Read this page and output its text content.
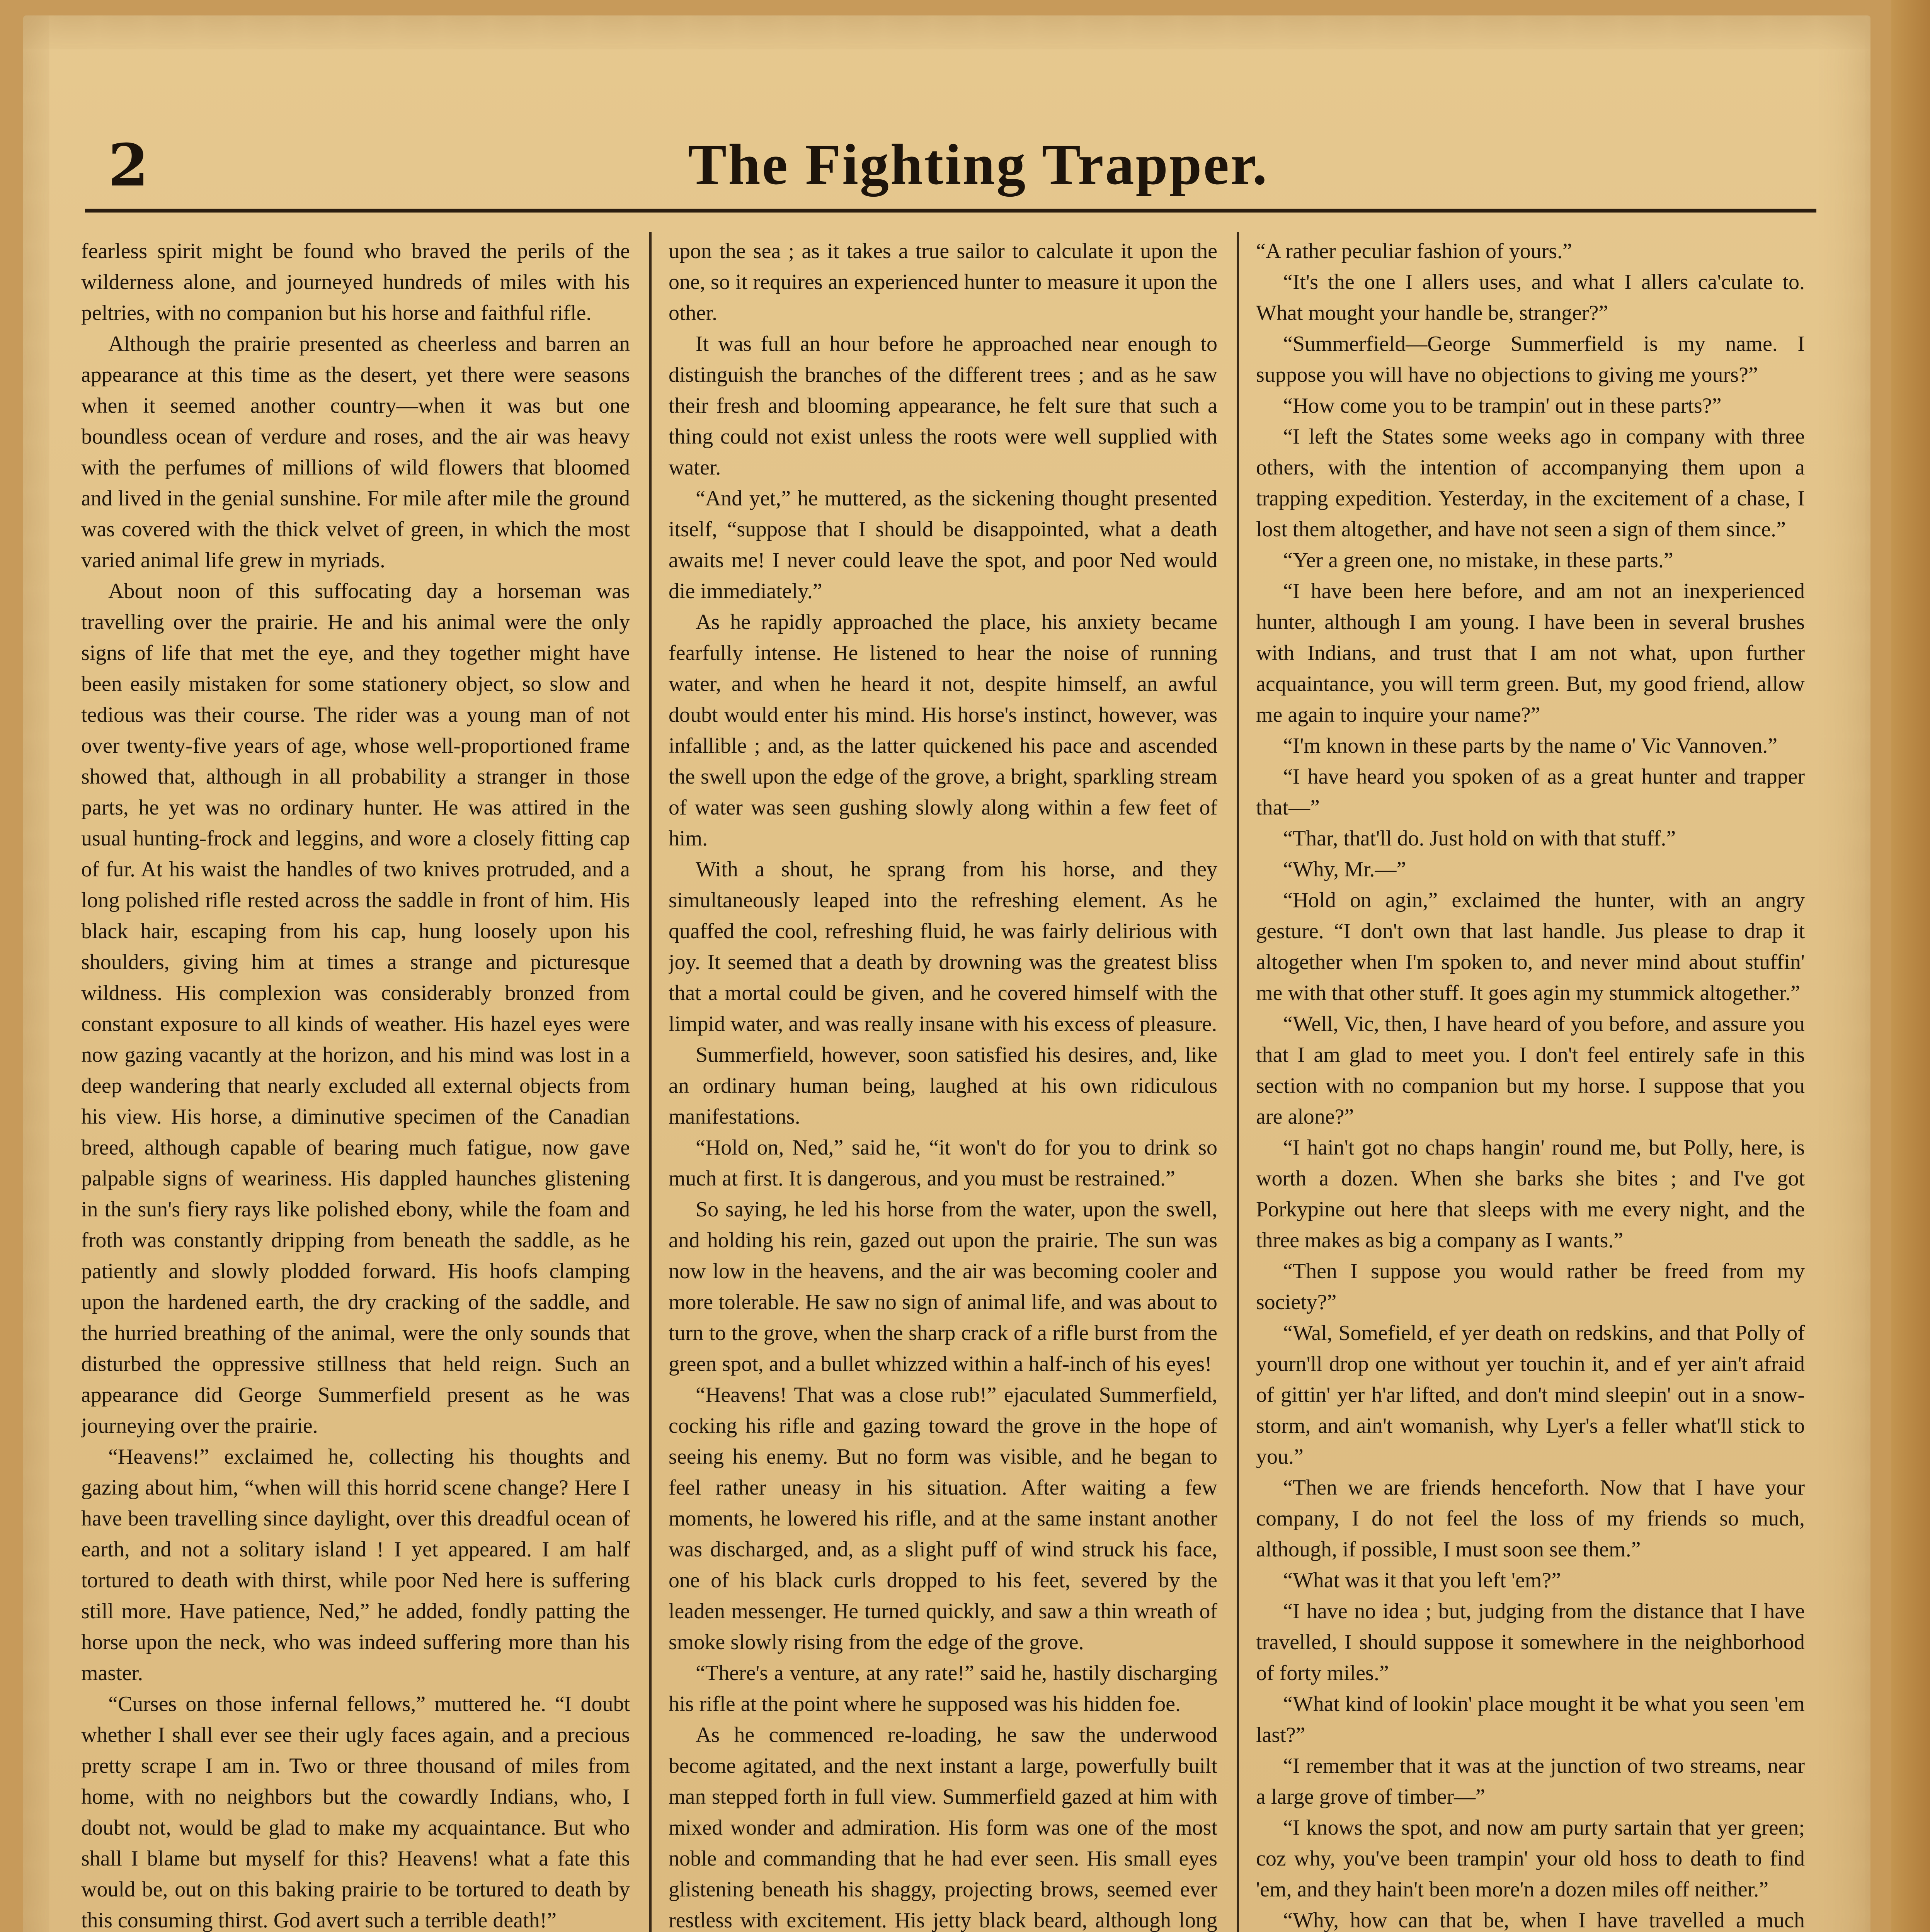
2	The Fighting Trapper.

fearless spirit might be found who braved the perils of the wilderness alone, and journeyed hundreds of miles with his peltries, with no companion but his horse and faithful rifle.

Although the prairie presented as cheerless and barren an appearance at this time as the desert, yet there were seasons when it seemed another country—when it was but one boundless ocean of verdure and roses, and the air was heavy with the perfumes of millions of wild flowers that bloomed and lived in the genial sunshine. For mile after mile the ground was covered with the thick velvet of green, in which the most varied animal life grew in myriads.

About noon of this suffocating day a horseman was travelling over the prairie. He and his animal were the only signs of life that met the eye, and they together might have been easily mistaken for some stationery object, so slow and tedious was their course. The rider was a young man of not over twenty-five years of age, whose well-proportioned frame showed that, although in all probability a stranger in those parts, he yet was no ordinary hunter. He was attired in the usual hunting-frock and leggins, and wore a closely fitting cap of fur. At his waist the handles of two knives protruded, and a long polished rifle rested across the saddle in front of him. His black hair, escaping from his cap, hung loosely upon his shoulders, giving him at times a strange and picturesque wildness. His complexion was considerably bronzed from constant exposure to all kinds of weather. His hazel eyes were now gazing vacantly at the horizon, and his mind was lost in a deep wandering that nearly excluded all external objects from his view. His horse, a diminutive specimen of the Canadian breed, although capable of bearing much fatigue, now gave palpable signs of weariness. His dappled haunches glistening in the sun's fiery rays like polished ebony, while the foam and froth was constantly dripping from beneath the saddle, as he patiently and slowly plodded forward. His hoofs clamping upon the hardened earth, the dry cracking of the saddle, and the hurried breathing of the animal, were the only sounds that disturbed the oppressive stillness that held reign. Such an appearance did George Summerfield present as he was journeying over the prairie.

“Heavens!” exclaimed he, collecting his thoughts and gazing about him, “when will this horrid scene change? Here I have been travelling since daylight, over this dreadful ocean of earth, and not a solitary island ! I yet appeared. I am half tortured to death with thirst, while poor Ned here is suffering still more. Have patience, Ned,” he added, fondly patting the horse upon the neck, who was indeed suffering more than his master.

“Curses on those infernal fellows,” muttered he. “I doubt whether I shall ever see their ugly faces again, and a precious pretty scrape I am in. Two or three thousand of miles from home, with no neighbors but the cowardly Indians, who, I doubt not, would be glad to make my acquaintance. But who shall I blame but myself for this? Heavens! what a fate this would be, out on this baking prairie to be tortured to death by this consuming thirst. God avert such a terrible death!”

upon the sea ; as it takes a true sailor to calculate it upon the one, so it requires an experienced hunter to measure it upon the other.

It was full an hour before he approached near enough to distinguish the branches of the different trees ; and as he saw their fresh and blooming appearance, he felt sure that such a thing could not exist unless the roots were well supplied with water.

“And yet,” he muttered, as the sickening thought presented itself, “suppose that I should be disappointed, what a death awaits me! I never could leave the spot, and poor Ned would die immediately.”

As he rapidly approached the place, his anxiety became fearfully intense. He listened to hear the noise of running water, and when he heard it not, despite himself, an awful doubt would enter his mind. His horse's instinct, however, was infallible ; and, as the latter quickened his pace and ascended the swell upon the edge of the grove, a bright, sparkling stream of water was seen gushing slowly along within a few feet of him.

With a shout, he sprang from his horse, and they simultaneously leaped into the refreshing element. As he quaffed the cool, refreshing fluid, he was fairly delirious with joy. It seemed that a death by drowning was the greatest bliss that a mortal could be given, and he covered himself with the limpid water, and was really insane with his excess of pleasure.

Summerfield, however, soon satisfied his desires, and, like an ordinary human being, laughed at his own ridiculous manifestations.

“Hold on, Ned,” said he, “it won't do for you to drink so much at first. It is dangerous, and you must be restrained.”

So saying, he led his horse from the water, upon the swell, and holding his rein, gazed out upon the prairie. The sun was now low in the heavens, and the air was becoming cooler and more tolerable. He saw no sign of animal life, and was about to turn to the grove, when the sharp crack of a rifle burst from the green spot, and a bullet whizzed within a half-inch of his eyes!

“Heavens! That was a close rub!” ejaculated Summerfield, cocking his rifle and gazing toward the grove in the hope of seeing his enemy. But no form was visible, and he began to feel rather uneasy in his situation. After waiting a few moments, he lowered his rifle, and at the same instant another was discharged, and, as a slight puff of wind struck his face, one of his black curls dropped to his feet, severed by the leaden messenger. He turned quickly, and saw a thin wreath of smoke slowly rising from the edge of the grove.

“There's a venture, at any rate!” said he, hastily discharging his rifle at the point where he supposed was his hidden foe.

As he commenced re-loading, he saw the underwood become agitated, and the next instant a large, powerfully built man stepped forth in full view. Summerfield gazed at him with mixed wonder and admiration. His form was one of the most noble and commanding that he had ever seen. His small eyes glistening beneath his shaggy, projecting brows, seemed ever restless with excitement. His jetty black beard, although long

“A rather peculiar fashion of yours.”

“It's the one I allers uses, and what I allers ca'culate to. What mought your handle be, stranger?”

“Summerfield—George Summerfield is my name. I suppose you will have no objections to giving me yours?”

“How come you to be trampin' out in these parts?”

“I left the States some weeks ago in company with three others, with the intention of accompanying them upon a trapping expedition. Yesterday, in the excitement of a chase, I lost them altogether, and have not seen a sign of them since.”

“Yer a green one, no mistake, in these parts.”

“I have been here before, and am not an inexperienced hunter, although I am young. I have been in several brushes with Indians, and trust that I am not what, upon further acquaintance, you will term green. But, my good friend, allow me again to inquire your name?”

“I'm known in these parts by the name o' Vic Vannoven.”

“I have heard you spoken of as a great hunter and trapper that—”

“Thar, that'll do. Just hold on with that stuff.”

“Why, Mr.—”

“Hold on agin,” exclaimed the hunter, with an angry gesture. “I don't own that last handle. Jus please to drap it altogether when I'm spoken to, and never mind about stuffin' me with that other stuff. It goes agin my stummick altogether.”

“Well, Vic, then, I have heard of you before, and assure you that I am glad to meet you. I don't feel entirely safe in this section with no companion but my horse. I suppose that you are alone?”

“I hain't got no chaps hangin' round me, but Polly, here, is worth a dozen. When she barks she bites ; and I've got Porkypine out here that sleeps with me every night, and the three makes as big a company as I wants.”

“Then I suppose you would rather be freed from my society?”

“Wal, Somefield, ef yer death on redskins, and that Polly of yourn'll drop one without yer touchin it, and ef yer ain't afraid of gittin' yer h'ar lifted, and don't mind sleepin' out in a snow-storm, and ain't womanish, why Lyer's a feller what'll stick to you.”

“Then we are friends henceforth. Now that I have your company, I do not feel the loss of my friends so much, although, if possible, I must soon see them.”

“What was it that you left 'em?”

“I have no idea ; but, judging from the distance that I have travelled, I should suppose it somewhere in the neighborhood of forty miles.”

“What kind of lookin' place mought it be what you seen 'em last?”

“I remember that it was at the junction of two streams, near a large grove of timber—”

“I knows the spot, and now am purty sartain that yer green; coz why, you've been trampin' your old hoss to death to find 'em, and they hain't been more'n a dozen miles off neither.”

“Why, how can that be, when I have travelled a much
